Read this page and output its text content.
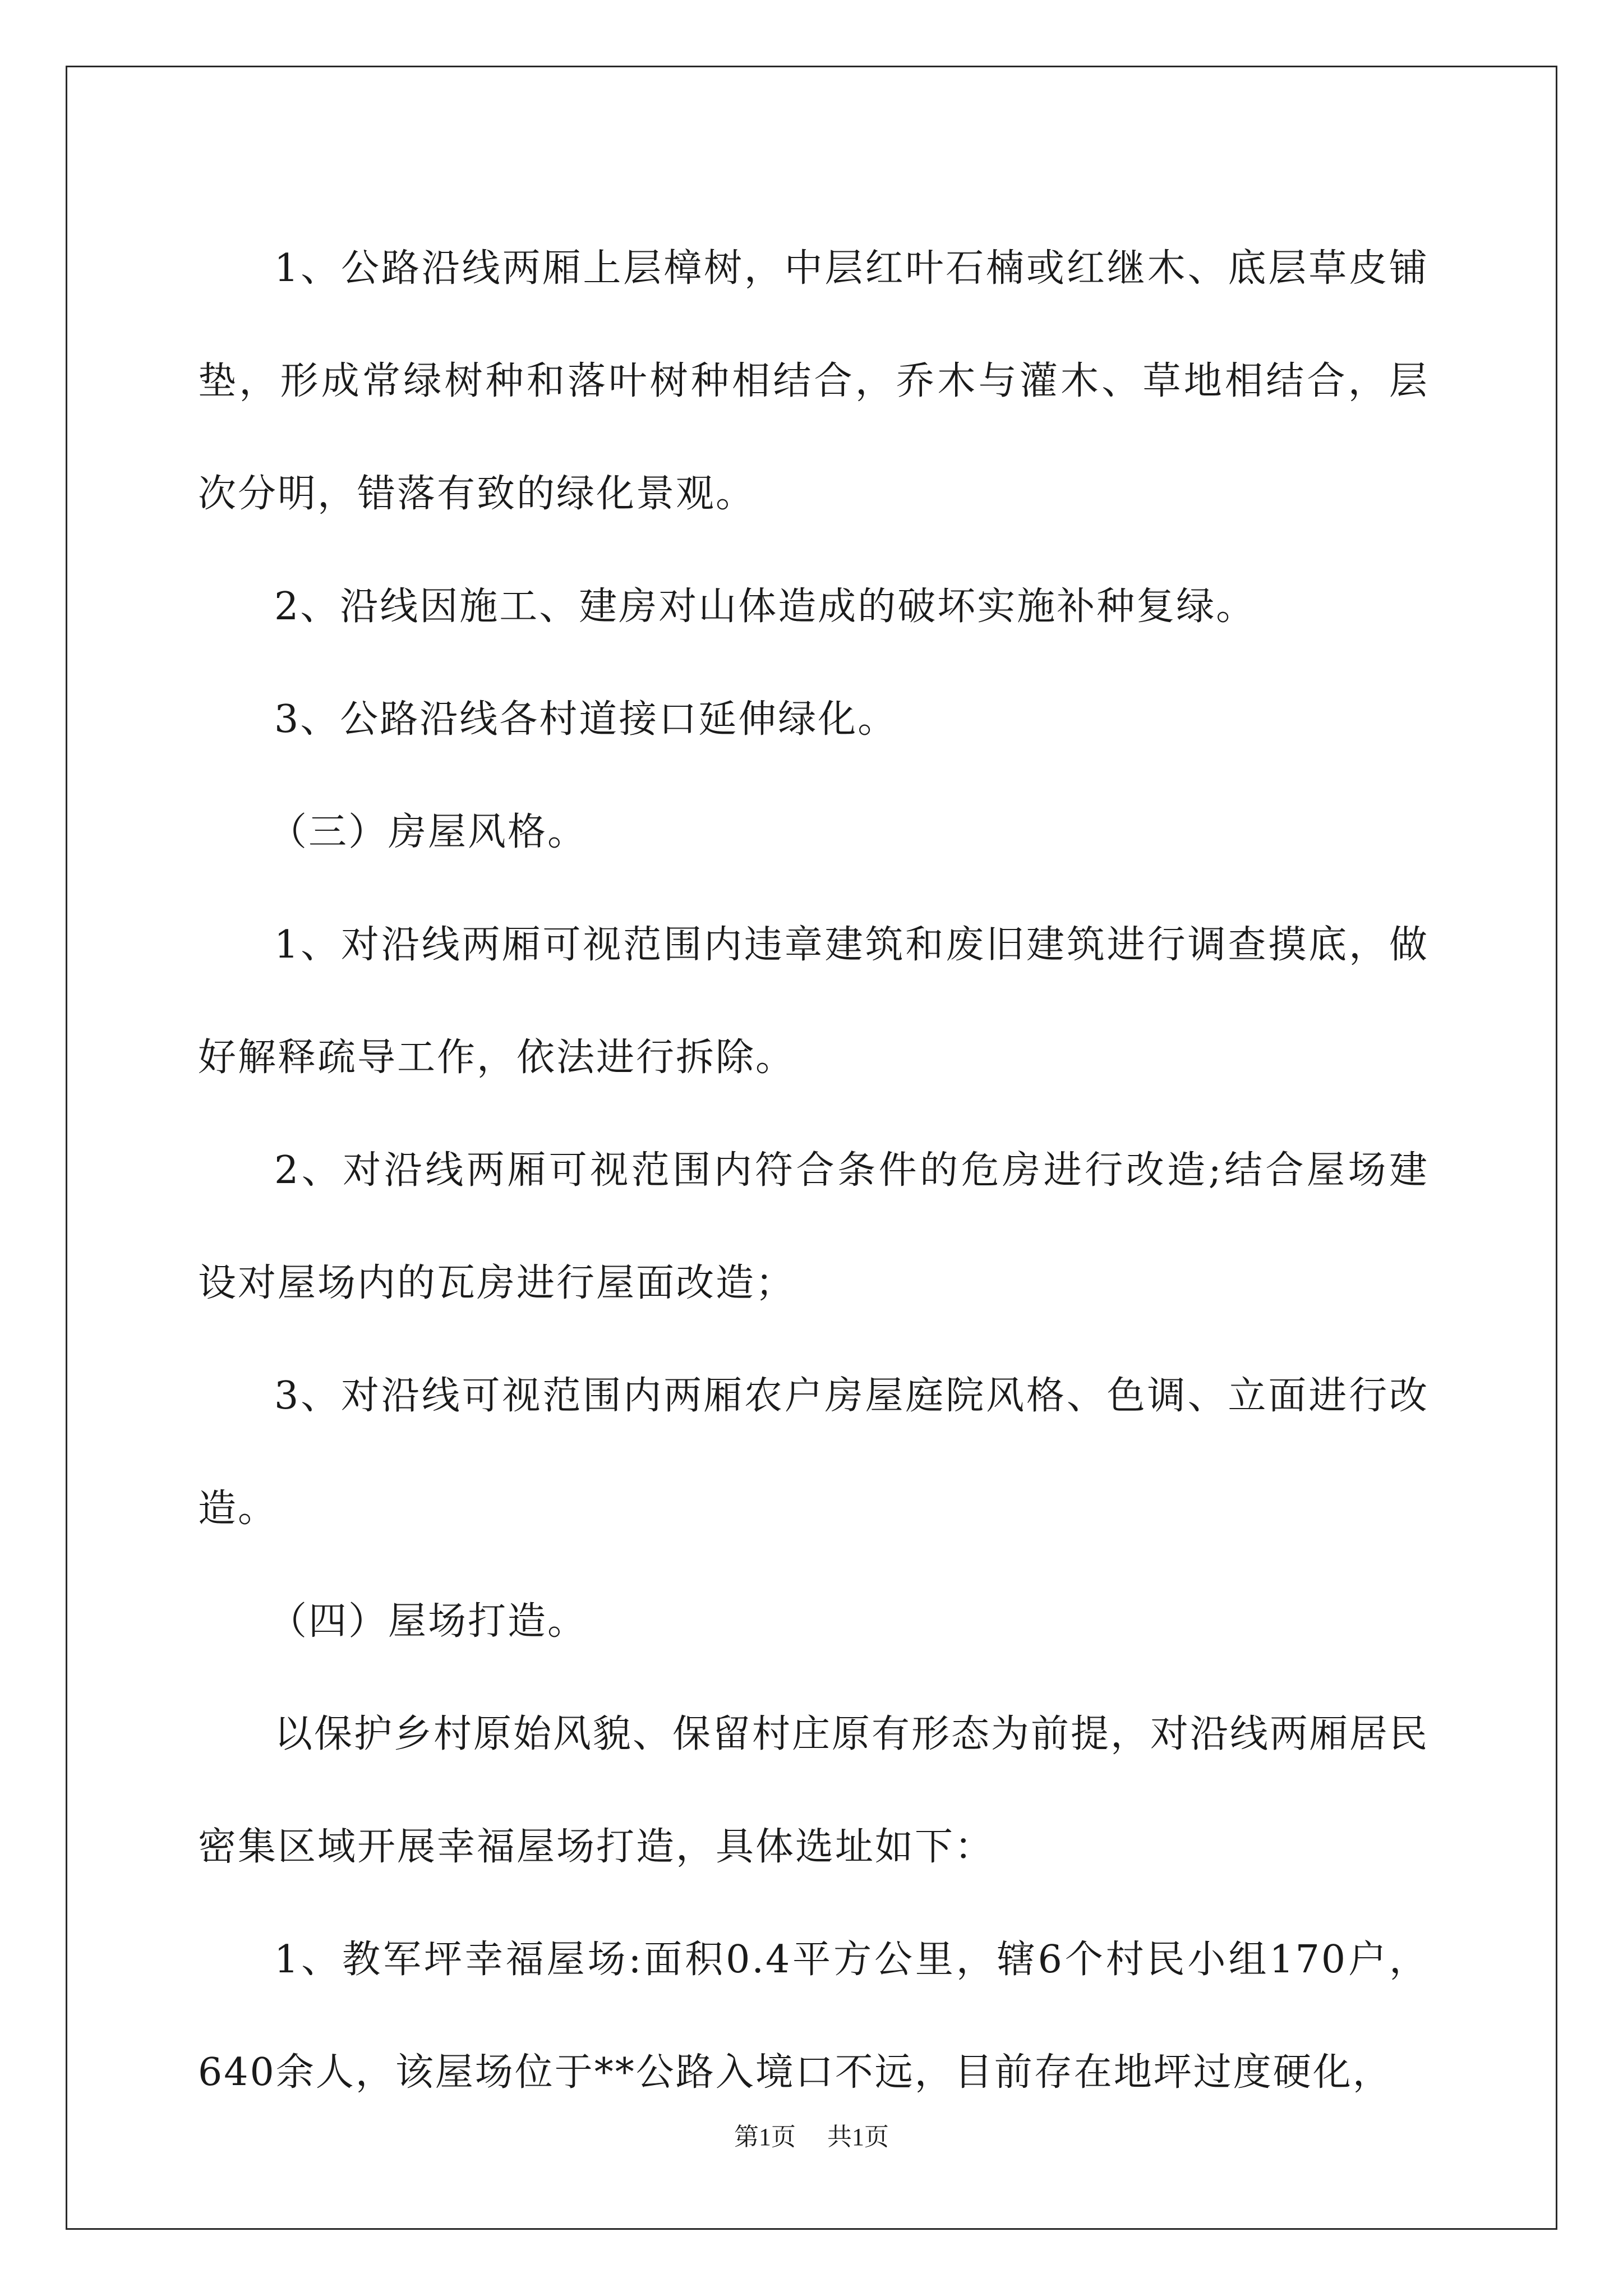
1、公路沿线两厢上层樟树，中层红叶石楠或红继木、底层草皮铺垫，形成常绿树种和落叶树种相结合，乔木与灌木、草地相结合，层次分明，错落有致的绿化景观。

2、沿线因施工、建房对山体造成的破坏实施补种复绿。

3、公路沿线各村道接口延伸绿化。

（三）房屋风格。

1、对沿线两厢可视范围内违章建筑和废旧建筑进行调查摸底，做好解释疏导工作，依法进行拆除。

2、对沿线两厢可视范围内符合条件的危房进行改造;结合屋场建设对屋场内的瓦房进行屋面改造；

3、对沿线可视范围内两厢农户房屋庭院风格、色调、立面进行改造。

（四）屋场打造。

以保护乡村原始风貌、保留村庄原有形态为前提，对沿线两厢居民密集区域开展幸福屋场打造，具体选址如下：

1、教军坪幸福屋场:面积0.4平方公里，辖6个村民小组170户，640余人，该屋场位于**公路入境口不远，目前存在地坪过度硬化，

第1页 共1页
